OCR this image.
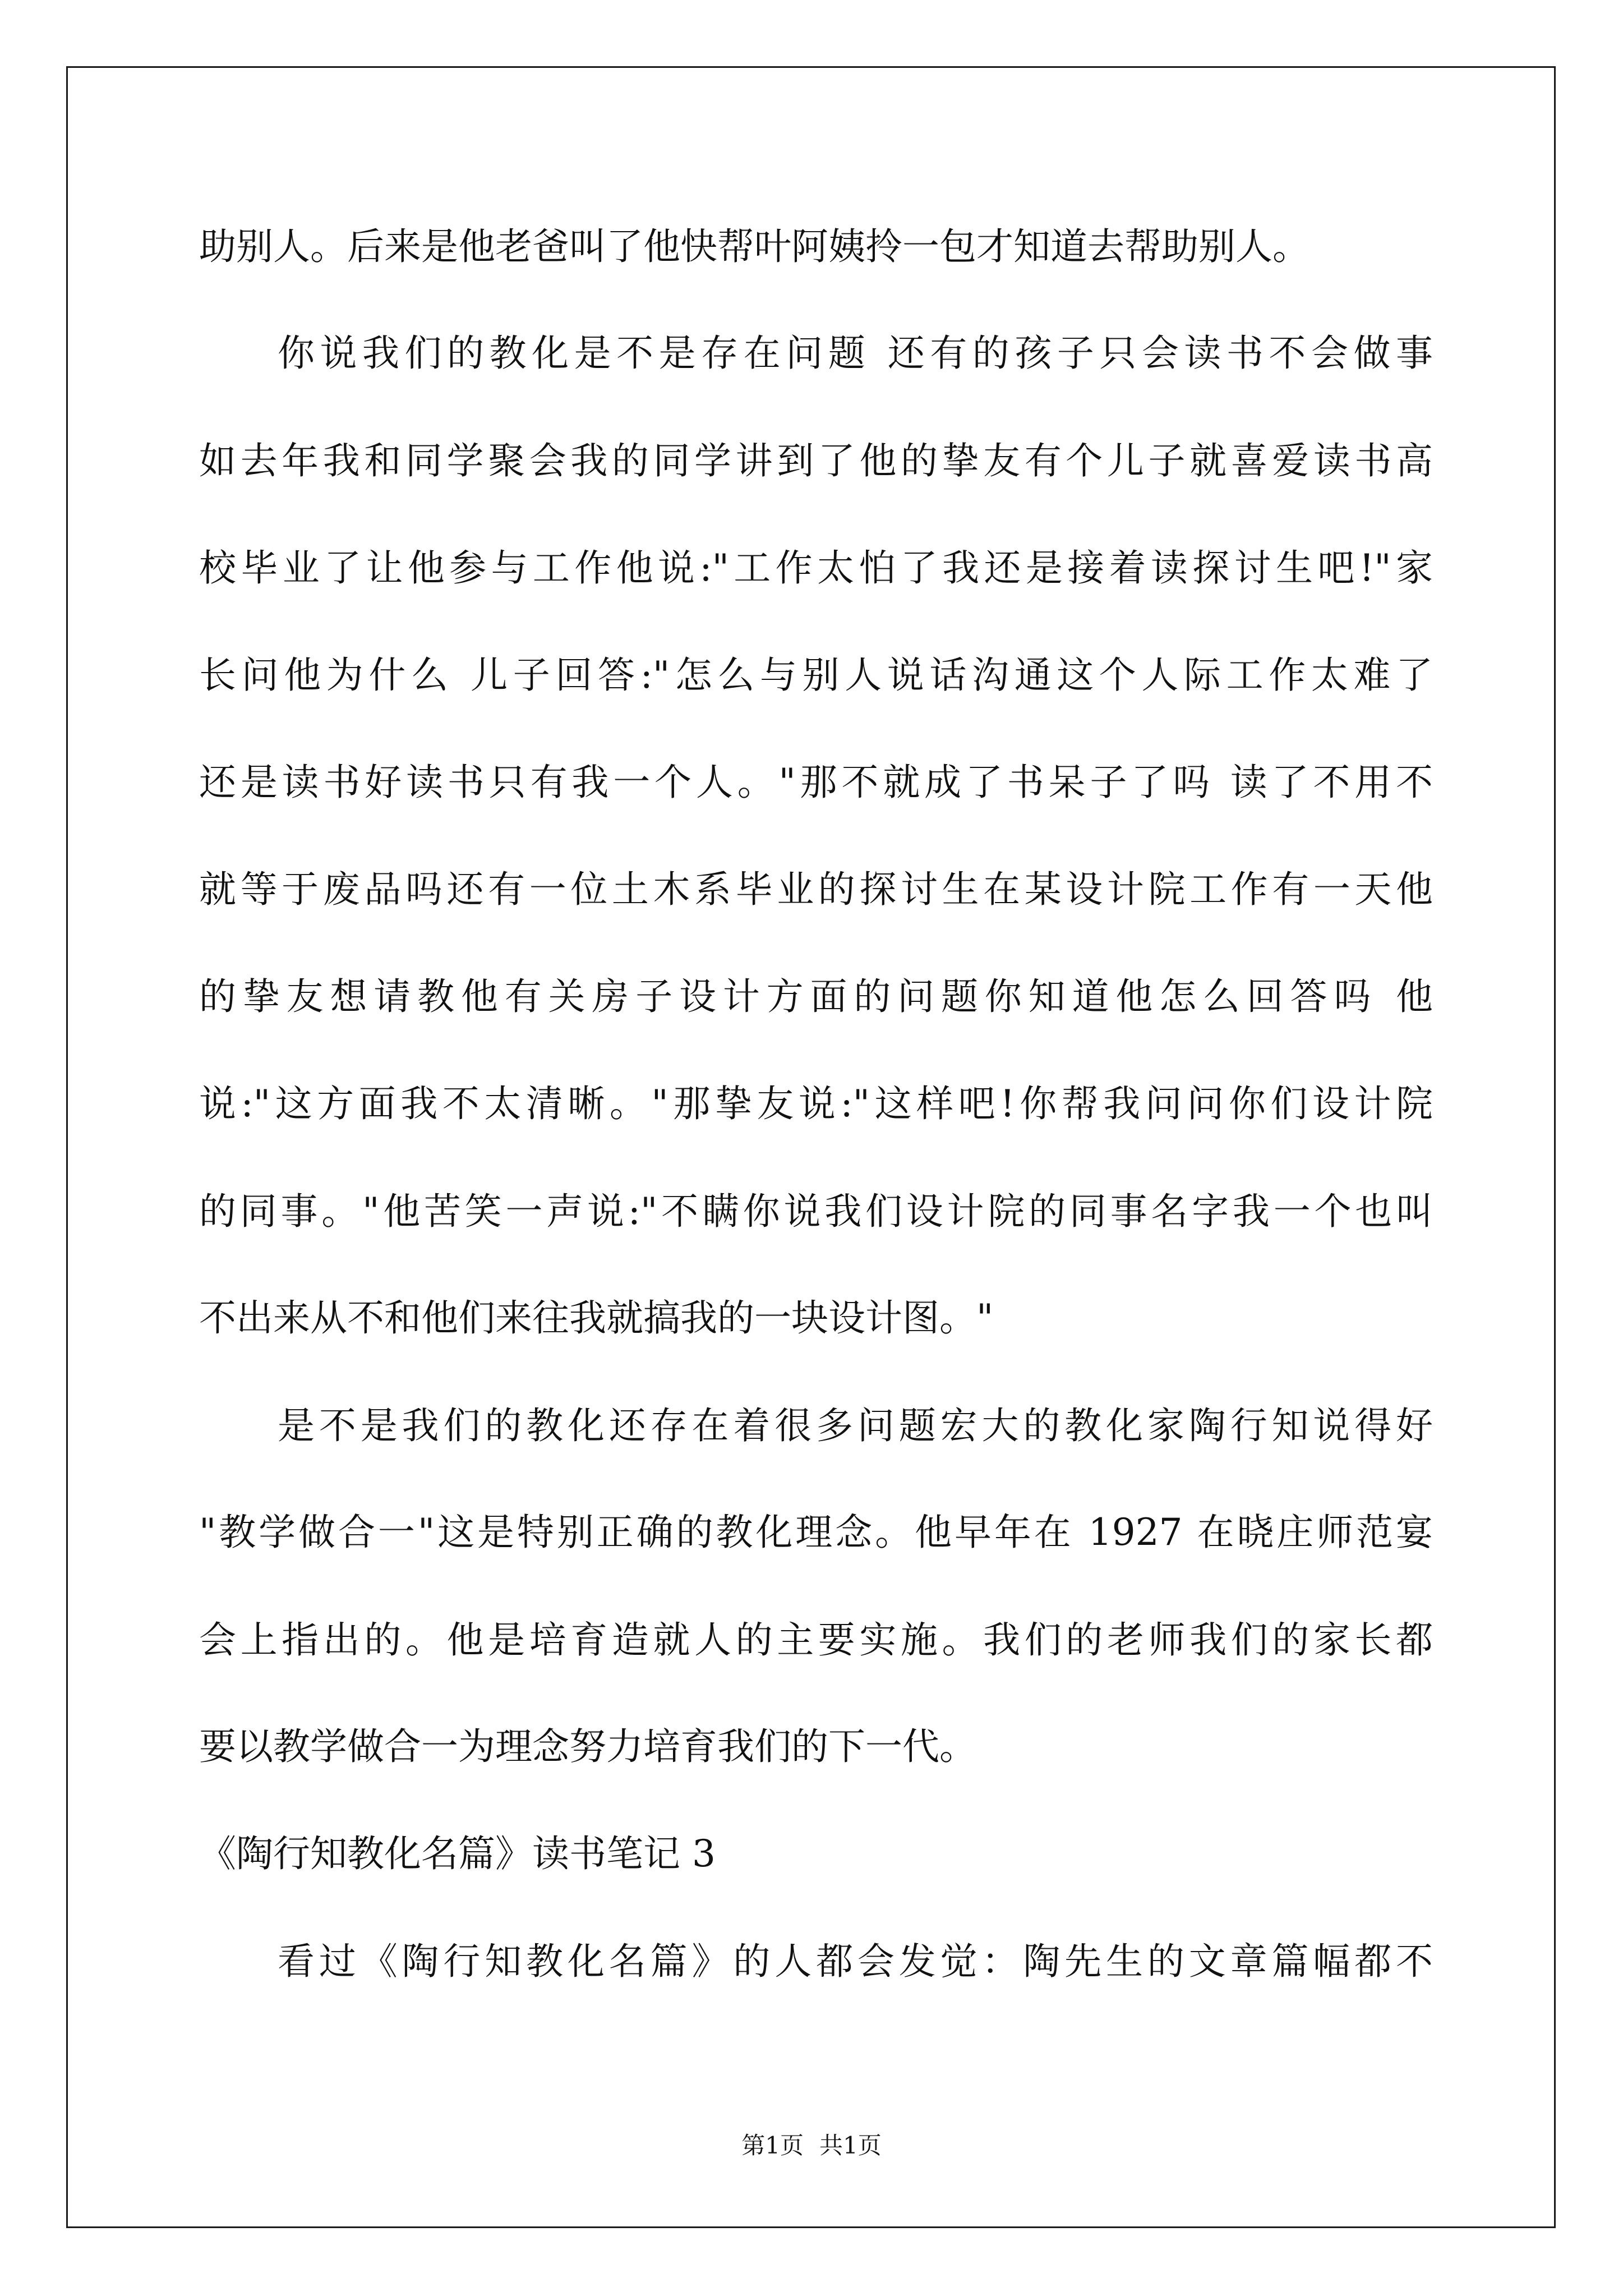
助别人。后来是他老爸叫了他快帮叶阿姨拎一包才知道去帮助别人。
你说我们的教化是不是存在问题 还有的孩子只会读书不会做事
如去年我和同学聚会我的同学讲到了他的挚友有个儿子就喜爱读书高
校毕业了让他参与工作他说:"工作太怕了我还是接着读探讨生吧!"家
长问他为什么 儿子回答:"怎么与别人说话沟通这个人际工作太难了
还是读书好读书只有我一个人。"那不就成了书呆子了吗 读了不用不
就等于废品吗还有一位土木系毕业的探讨生在某设计院工作有一天他
的挚友想请教他有关房子设计方面的问题你知道他怎么回答吗 他
说:"这方面我不太清晰。"那挚友说:"这样吧!你帮我问问你们设计院
的同事。"他苦笑一声说:"不瞒你说我们设计院的同事名字我一个也叫
不出来从不和他们来往我就搞我的一块设计图。"
是不是我们的教化还存在着很多问题宏大的教化家陶行知说得好
"教学做合一"这是特别正确的教化理念。他早年在 1927 在晓庄师范宴
会上指出的。他是培育造就人的主要实施。我们的老师我们的家长都
要以教学做合一为理念努力培育我们的下一代。
《陶行知教化名篇》读书笔记 3
看过《陶行知教化名篇》的人都会发觉：陶先生的文章篇幅都不
第1页 共1页
